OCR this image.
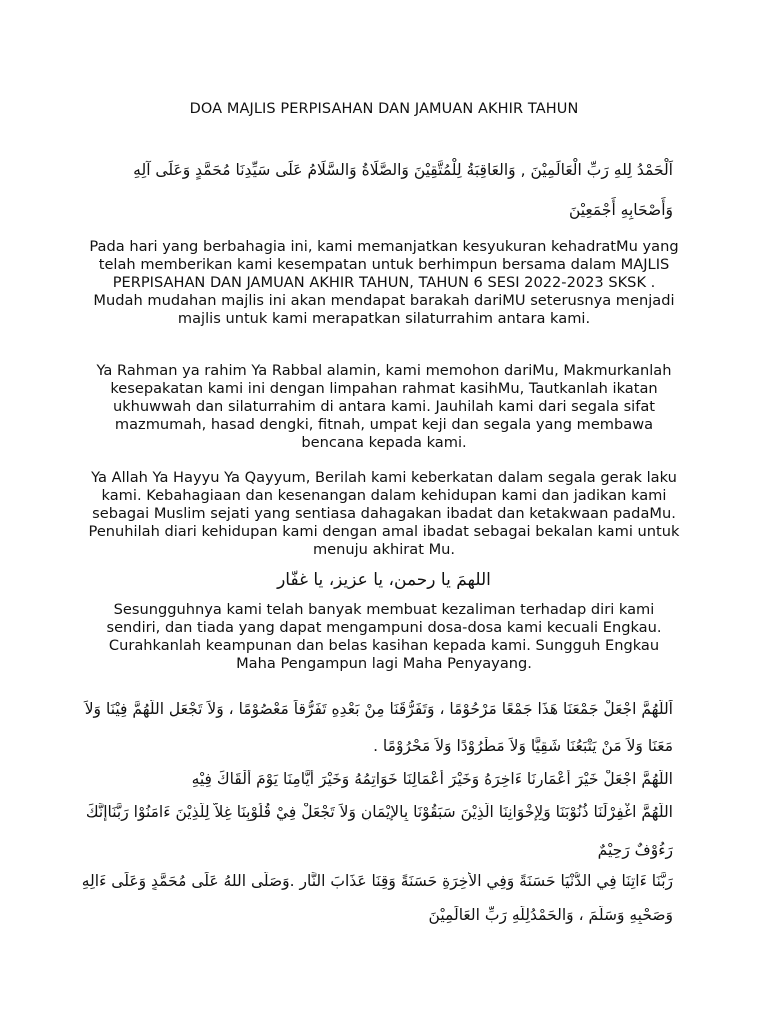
DOA MAJLIS PERPISAHAN DAN JAMUAN AKHIR TAHUN
اَلْحَمْدُ لِلهِ رَبِّ الْعَالَمِيْنَ , وَالعَاقِبَةُ لِلْمُتَّقِيْنَ وَالصَّلَاةُ وَالسَّلَامُ عَلَى سَيِّدِنَا مُحَمَّدٍ وَعَلَى آلِهِ وَأَصْحَابِهِ أَجْمَعِيْنَ

Pada hari yang berbahagia ini, kami memanjatkan kesyukuran kehadratMu yang telah memberikan kami kesempatan untuk berhimpun bersama dalam MAJLIS PERPISAHAN DAN JAMUAN AKHIR TAHUN, TAHUN 6 SESI 2022-2023 SKSK . Mudah mudahan majlis ini akan mendapat barakah dariMU seterusnya menjadi majlis untuk kami merapatkan silaturrahim antara kami.

Ya Rahman ya rahim Ya Rabbal alamin, kami memohon dariMu, Makmurkanlah kesepakatan kami ini dengan limpahan rahmat kasihMu, Tautkanlah ikatan ukhuwwah dan silaturrahim di antara kami. Jauhilah kami dari segala sifat mazmumah, hasad dengki, fitnah, umpat keji dan segala yang membawa bencana kepada kami.

Ya Allah Ya Hayyu Ya Qayyum, Berilah kami keberkatan dalam segala gerak laku kami. Kebahagiaan dan kesenangan dalam kehidupan kami dan jadikan kami sebagai Muslim sejati yang sentiasa dahagakan ibadat dan ketakwaan padaMu. Penuhilah diari kehidupan kami dengan amal ibadat sebagai bekalan kami untuk menuju akhirat Mu.

اللهمَ يا رحمن، يا عزيز، يا غفّار

Sesungguhnya kami telah banyak membuat kezaliman terhadap diri kami sendiri, dan tiada yang dapat mengampuni dosa-dosa kami kecuali Engkau. Curahkanlah keampunan dan belas kasihan kepada kami. Sungguh Engkau Maha Pengampun lagi Maha Penyayang.

اَللَّهُمَّ اجْعَلْ جَمْعَنَا هَذَا جَمْعًا مَرْحُوْمًا ، وَتَفَرُّقَنَا مِنْ بَعْدِهِ تَفَرُّقاً مَعْصُوْمًا ، وَلاَ تَجْعَلِ اللَّهُمَّ فِيْنَا وَلاَ
مَعَنَا وَلاَ مَنْ يَتْبَعُنَا شَقِيًّا وَلاَ مَطْرُوْدًا وَلاَ مَحْرُوْمًا .
اللَّهُمَّ اجْعَلْ خَيْرَ أَعْمَارِنَا ءَاخِرَهُ وَخَيْرَ أَعْمَالِنَا خَوَاتِمُهُ وَخَيْرَ أَيَّامِنَا يَوْمَ أَلْقَاكَ فِيْهِ
اللَّهُمَّ اغْفِرْلَنَا ذُنُوْبَنَا وَلِإِخْوَانِنَا الَّذِيْنَ سَبَقُوْنَا بِالإِيْمَانِ وَلاَ تَجْعَلْ فِيْ قُلُوْبِنَا غِلاًّ لِلَّذِيْنَ ءَامَنُوْا رَبَّنَاإِنَّكَ
رَءُوْفٌ رَحِيْمٌ
رَبَّنَا ءَاتِنَا فِي الدُّنْيَا حَسَنَةً وَفِي الأَخِرَةِ حَسَنَةً وَقِنَا عَذَابَ النَّارِ .وَصَلَّى اللهُ عَلَى مُحَمَّدٍ وَعَلَى ءَالِهِ
وَصَحْبِهِ وَسَلَّمَ ، وَالحَمْدُلِلَّهِ رَبِّ العَالَمِيْنَ
